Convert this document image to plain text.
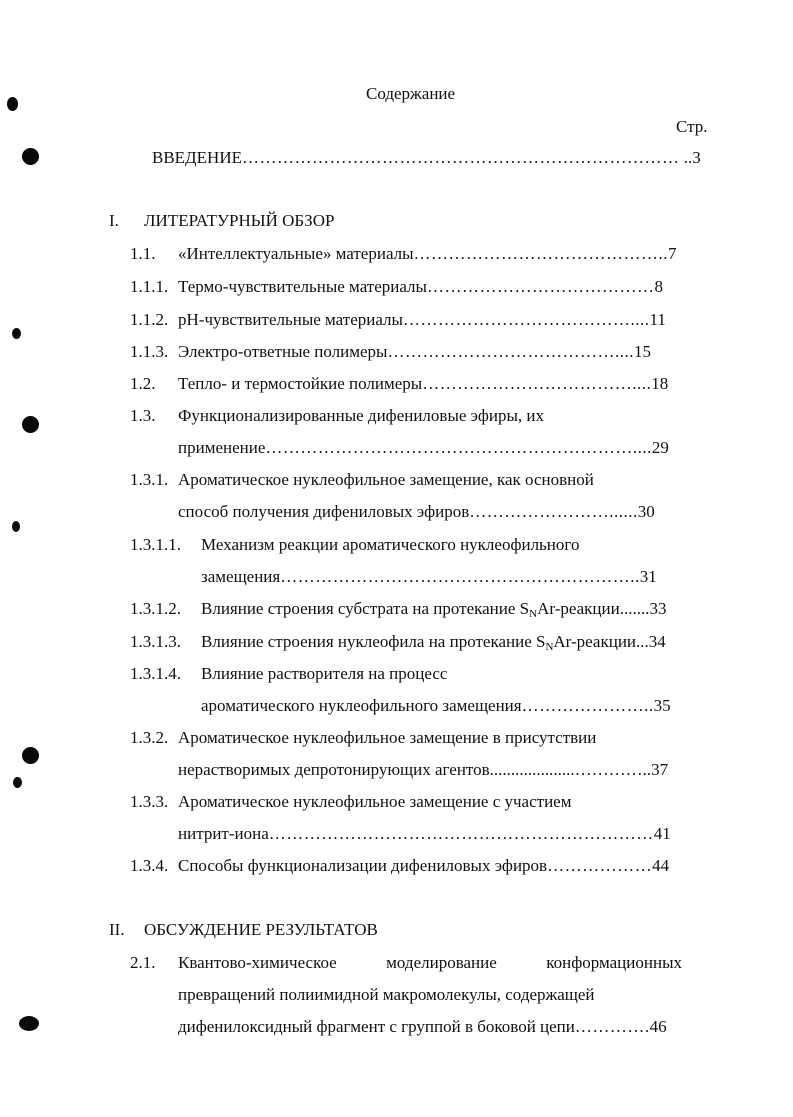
Содержание
Стр.
ВВЕДЕНИЕ………………………………………………………………… ..3
I. ЛИТЕРАТУРНЫЙ ОБЗОР
1.1. «Интеллектуальные» материалы……………………………………..7
1.1.1. Термо-чувствительные материалы…………………………………8
1.1.2. рН-чувствительные материалы…………………………………....11
1.1.3. Электро-ответные полимеры…………………………………....15
1.2. Тепло- и термостойкие полимеры………………………………....18
1.3. Функционализированные дифениловые эфиры, их
применение………………………………………………………....29
1.3.1. Ароматическое нуклеофильное замещение, как основной
способ получения дифениловых эфиров……………………......30
1.3.1.1. Механизм реакции ароматического нуклеофильного
замещения……………………………………………………..31
1.3.1.2. Влияние строения субстрата на протекание $S_NAr-реакции.......33$
1.3.1.3. Влияние строения нуклеофила на протекание $S_NAr-реакции...34$
1.3.1.4. Влияние растворителя на процесс
ароматического нуклеофильного замещения…………………..35
1.3.2. Ароматическое нуклеофильное замещение в присутствии
нерастворимых депротонирующих агентов....................…………..37
1.3.3. Ароматическое нуклеофильное замещение с участием
нитрит-иона…………………………………………………………41
1.3.4. Способы функционализации дифениловых эфиров………………44
II. ОБСУЖДЕНИЕ РЕЗУЛЬТАТОВ
2.1. Квантово-химическое моделирование конформационных
превращений полиимидной макромолекулы, содержащей
дифенилоксидный фрагмент с группой в боковой цепи………….46
